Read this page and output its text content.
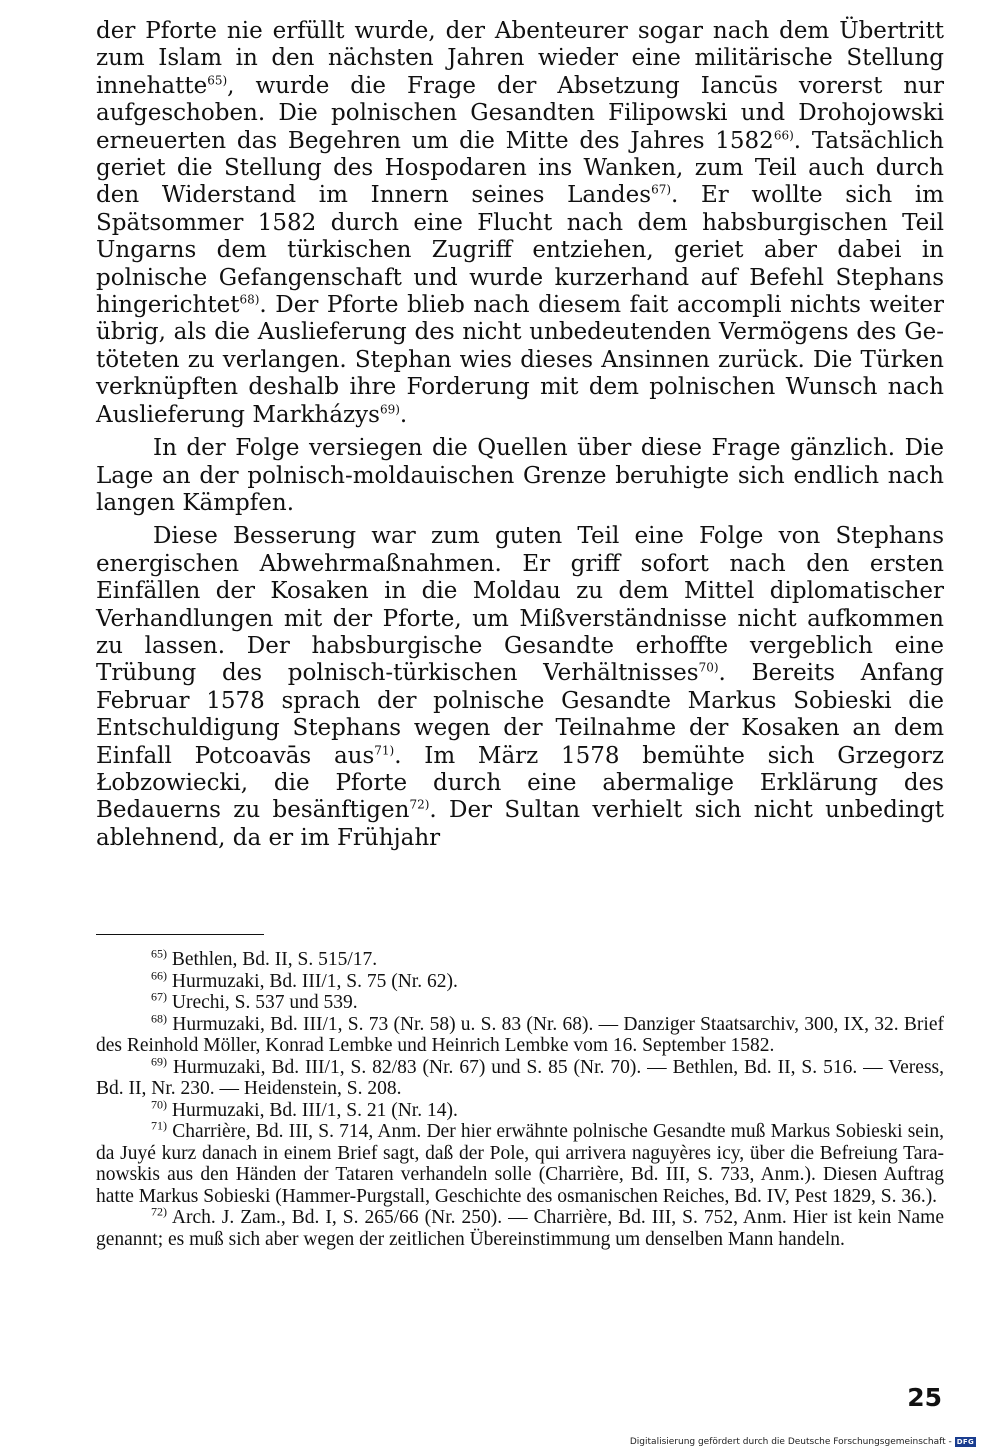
der Pforte nie erfüllt wurde, der Abenteurer sogar nach dem Übertritt zum Islam in den nächsten Jahren wieder eine militärische Stellung innehatte$^{65)}$, wurde die Frage der Absetzung Iancūs vorerst nur aufgeschoben. Die polnischen Gesandten Filipowski und Drohojowski erneuerten das Begehren um die Mitte des Jahres 1582$^{66)}$. Tatsächlich geriet die Stellung des Hospodaren ins Wanken, zum Teil auch durch den Widerstand im Innern seines Landes$^{67)}$. Er wollte sich im Spätsommer 1582 durch eine Flucht nach dem habsburgischen Teil Ungarns dem türkischen Zugriff entziehen, geriet aber dabei in polnische Gefangenschaft und wurde kurzerhand auf Befehl Stephans hingerichtet$^{68)}$. Der Pforte blieb nach diesem fait accompli nichts weiter übrig, als die Auslieferung des nicht unbedeutenden Vermögens des Getöteten zu verlangen. Stephan wies dieses Ansinnen zurück. Die Türken verknüpften deshalb ihre Forderung mit dem polnischen Wunsch nach Auslieferung Markházys$^{69)}$.

In der Folge versiegen die Quellen über diese Frage gänzlich. Die Lage an der polnisch-moldauischen Grenze beruhigte sich endlich nach langen Kämpfen.

Diese Besserung war zum guten Teil eine Folge von Stephans energischen Abwehrmaßnahmen. Er griff sofort nach den ersten Einfällen der Kosaken in die Moldau zu dem Mittel diplomatischer Verhandlungen mit der Pforte, um Mißverständnisse nicht aufkommen zu lassen. Der habsburgische Gesandte erhoffte vergeblich eine Trübung des polnisch-türkischen Verhältnisses$^{70)}$. Bereits Anfang Februar 1578 sprach der polnische Gesandte Markus Sobieski die Entschuldigung Stephans wegen der Teilnahme der Kosaken an dem Einfall Potcoavās aus$^{71)}$. Im März 1578 bemühte sich Grzegorz Łobzowiecki, die Pforte durch eine abermalige Erklärung des Bedauerns zu besänftigen$^{72)}$. Der Sultan verhielt sich nicht unbedingt ablehnend, da er im Frühjahr

$^{65)}$ Bethlen, Bd. II, S. 515/17.

$^{66)}$ Hurmuzaki, Bd. III/1, S. 75 (Nr. 62).

$^{67)}$ Urechi, S. 537 und 539.

$^{68)}$ Hurmuzaki, Bd. III/1, S. 73 (Nr. 58) u. S. 83 (Nr. 68). — Danziger Staatsarchiv, 300, IX, 32. Brief des Reinhold Möller, Konrad Lembke und Heinrich Lembke vom 16. September 1582.

$^{69)}$ Hurmuzaki, Bd. III/1, S. 82/83 (Nr. 67) und S. 85 (Nr. 70). — Bethlen, Bd. II, S. 516. — Veress, Bd. II, Nr. 230. — Heidenstein, S. 208.

$^{70)}$ Hurmuzaki, Bd. III/1, S. 21 (Nr. 14).

$^{71)}$ Charrière, Bd. III, S. 714, Anm. Der hier erwähnte polnische Gesandte muß Markus Sobieski sein, da Juyé kurz danach in einem Brief sagt, daß der Pole, qui arrivera naguyères icy, über die Befreiung Taranowskis aus den Händen der Tataren verhandeln solle (Charrière, Bd. III, S. 733, Anm.). Diesen Auftrag hatte Markus Sobieski (Hammer-Purgstall, Geschichte des osmanischen Reiches, Bd. IV, Pest 1829, S. 36.).

$^{72)}$ Arch. J. Zam., Bd. I, S. 265/66 (Nr. 250). — Charrière, Bd. III, S. 752, Anm. Hier ist kein Name genannt; es muß sich aber wegen der zeitlichen Übereinstimmung um denselben Mann handeln.

25
Digitalisierung gefördert durch die Deutsche Forschungsgemeinschaft - DFG
